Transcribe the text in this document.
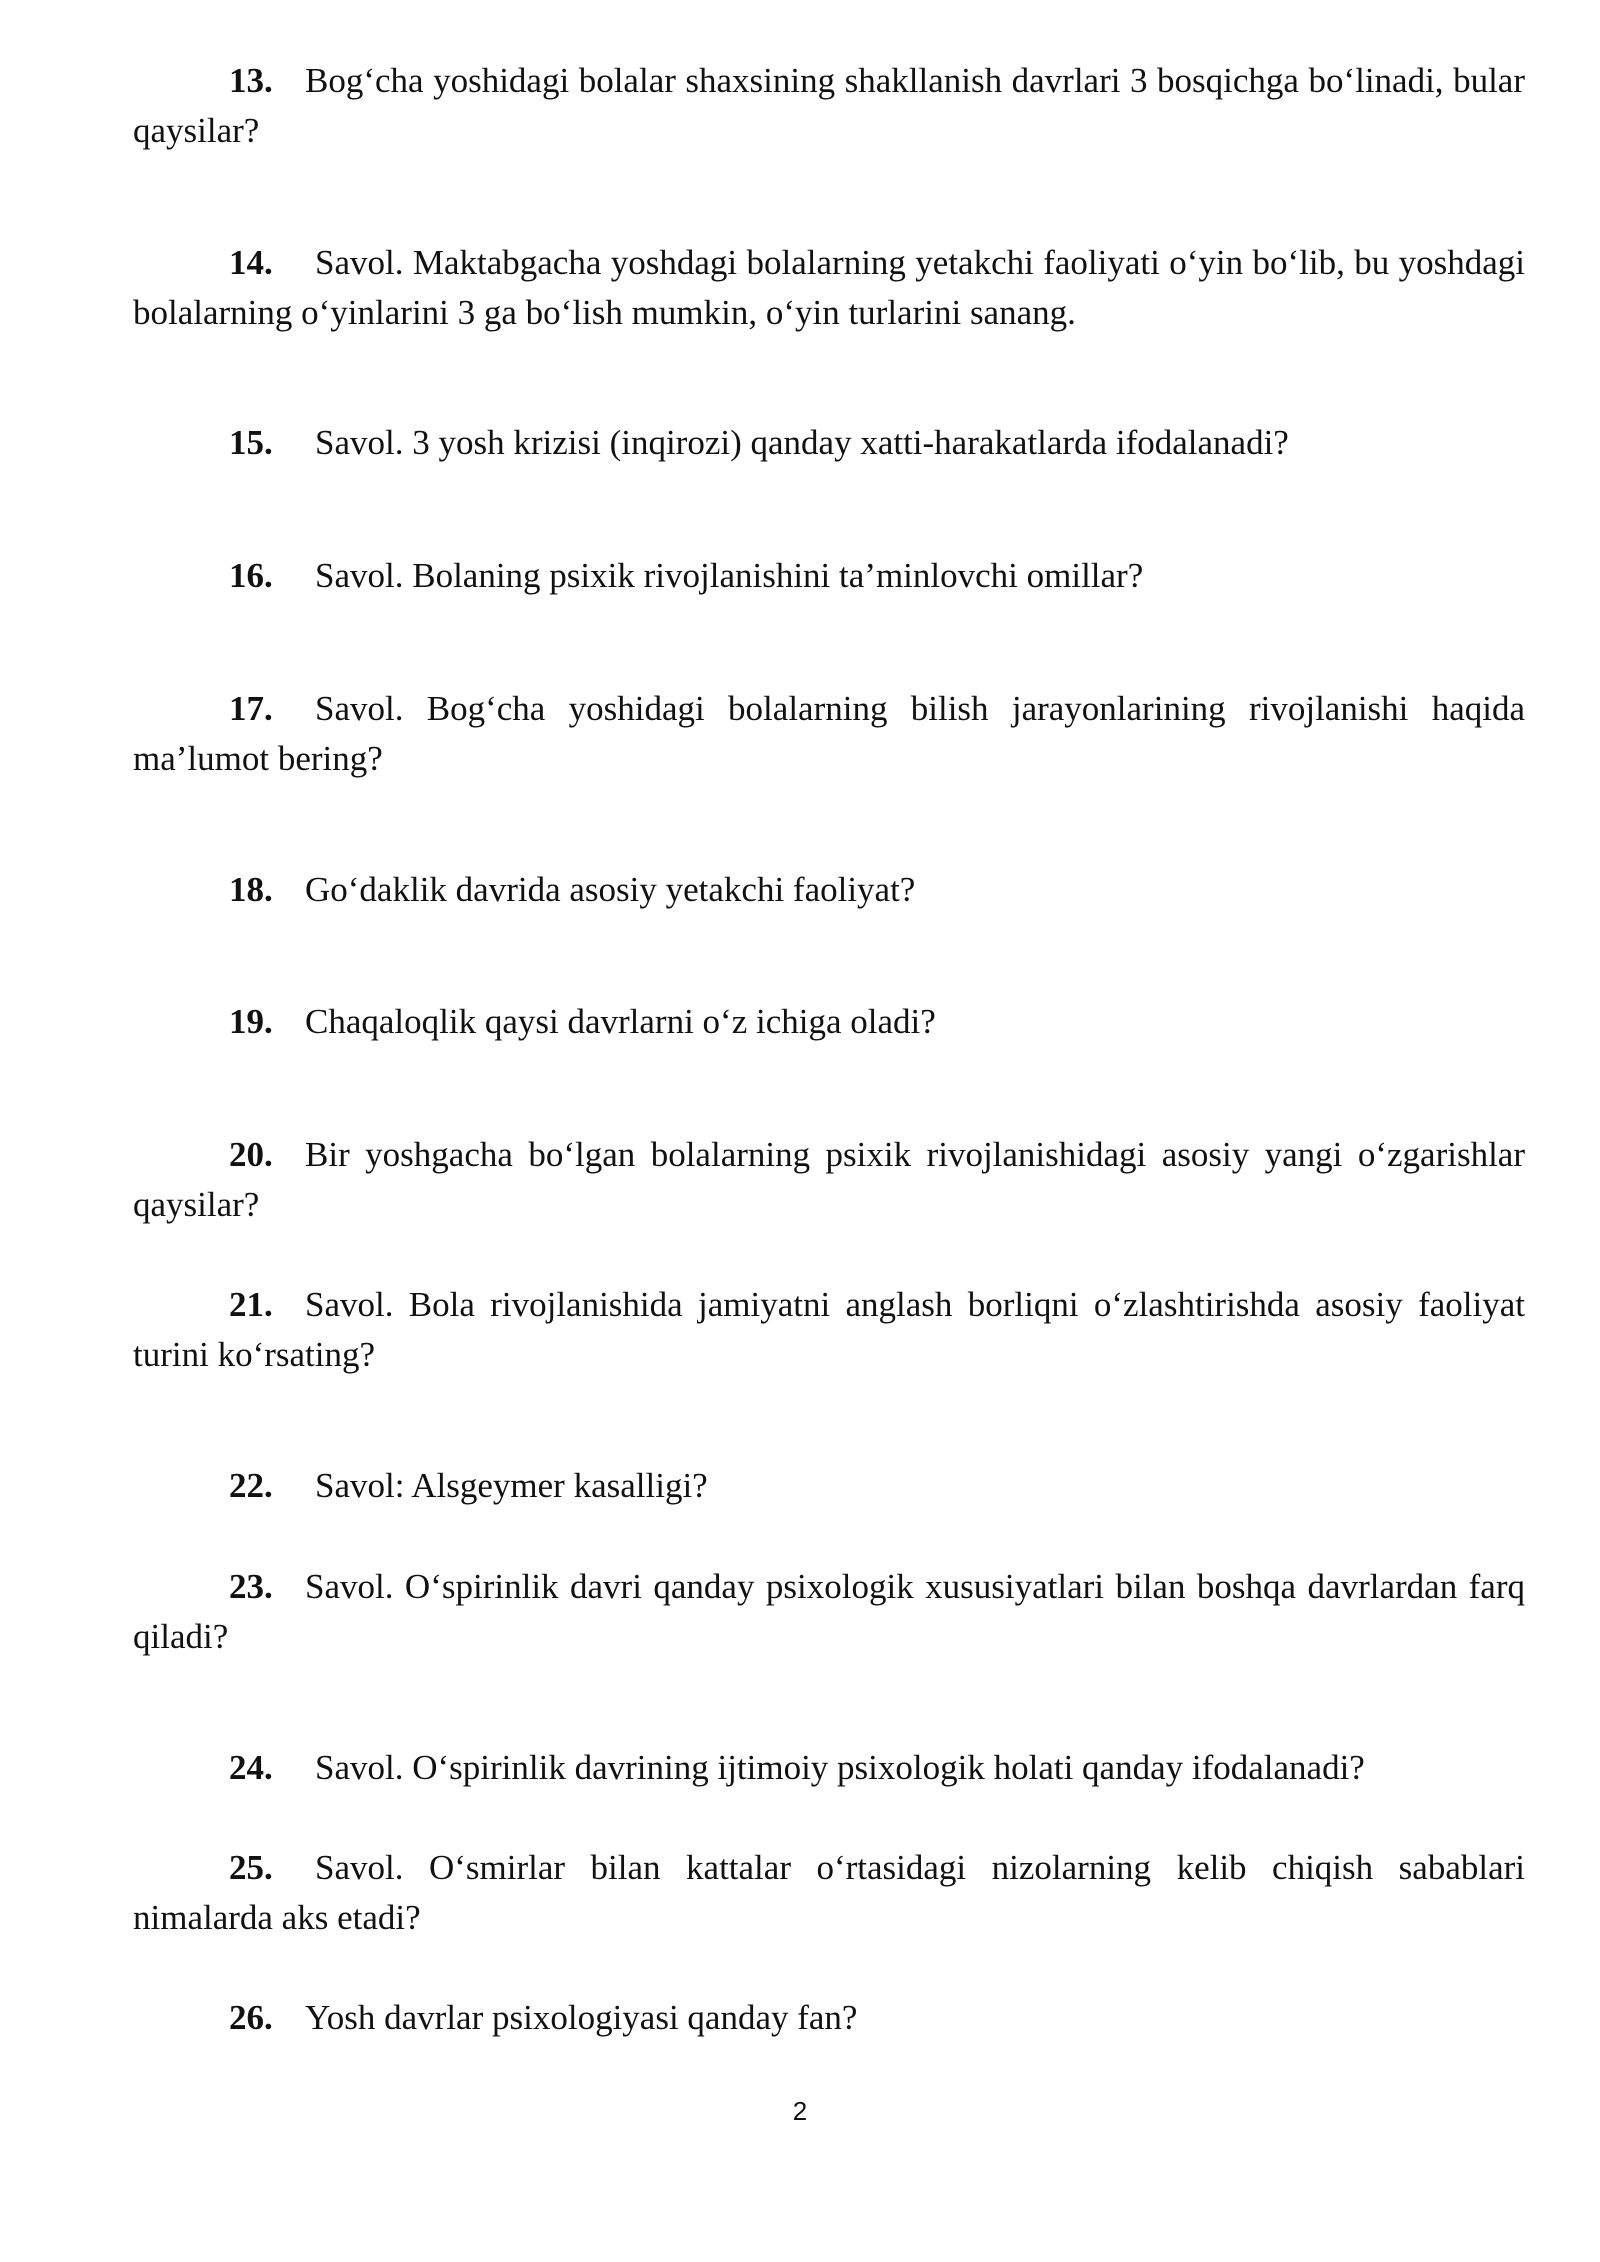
13. Bog‘cha yoshidagi bolalar shaxsining shakllanish davrlari 3 bosqichga bo‘linadi, bular qaysilar?

14. Savol. Maktabgacha yoshdagi bolalarning yetakchi faoliyati o‘yin bo‘lib, bu yoshdagi bolalarning o‘yinlarini 3 ga bo‘lish mumkin, o‘yin turlarini sanang.

15. Savol. 3 yosh krizisi (inqirozi) qanday xatti-harakatlarda ifodalanadi?

16. Savol. Bolaning psixik rivojlanishini ta’minlovchi omillar?

17. Savol. Bog‘cha yoshidagi bolalarning bilish jarayonlarining rivojlanishi haqida ma’lumot bering?

18. Go‘daklik davrida asosiy yetakchi faoliyat?

19. Chaqaloqlik qaysi davrlarni o‘z ichiga oladi?

20. Bir yoshgacha bo‘lgan bolalarning psixik rivojlanishidagi asosiy yangi o‘zgarishlar qaysilar?

21. Savol. Bola rivojlanishida jamiyatni anglash borliqni o‘zlashtirishda asosiy faoliyat turini ko‘rsating?

22. Savol: Alsgeymer kasalligi?

23. Savol. O‘spirinlik davri qanday psixologik xususiyatlari bilan boshqa davrlardan farq qiladi?

24. Savol. O‘spirinlik davrining ijtimoiy psixologik holati qanday ifodalanadi?

25. Savol. O‘smirlar bilan kattalar o‘rtasidagi nizolarning kelib chiqish sabablari nimalarda aks etadi?

26. Yosh davrlar psixologiyasi qanday fan?

2
